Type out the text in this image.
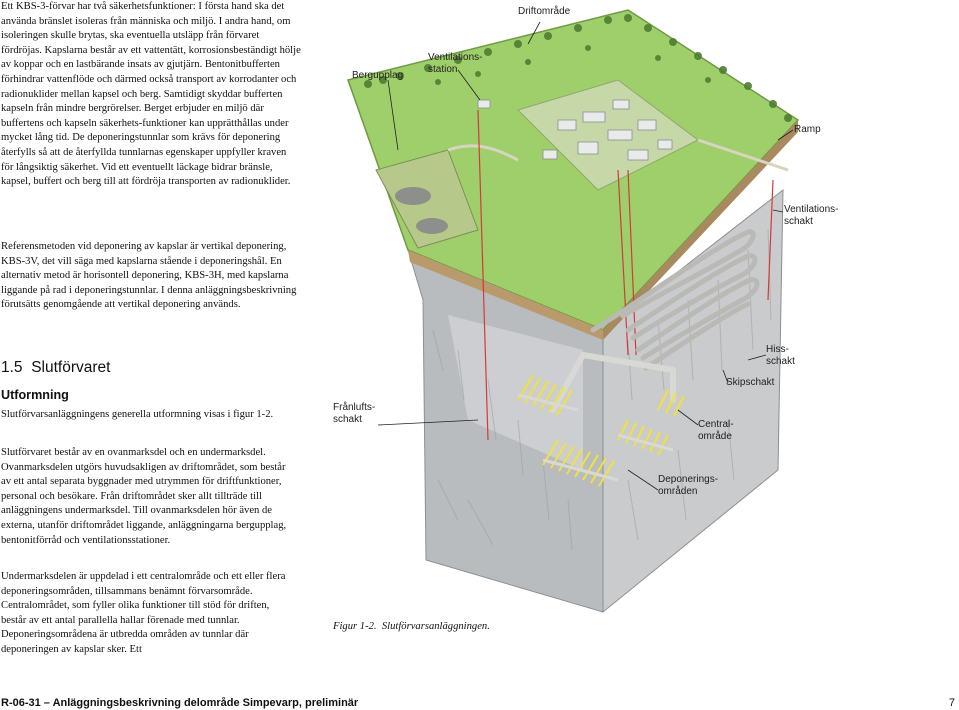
Ett KBS-3-förvar har två säkerhetsfunktioner: I första hand ska det använda bränslet isoleras från människa och miljö. I andra hand, om isoleringen skulle brytas, ska eventuella utsläpp från förvaret fördröjas. Kapslarna består av ett vattentätt, korrosionsbeständigt hölje av koppar och en lastbärande insats av gjutjärn. Bentonitbufferten förhindrar vattenflöde och därmed också transport av korrodanter och radionuklider mellan kapsel och berg. Samtidigt skyddar bufferten kapseln från mindre bergrörelser. Berget erbjuder en miljö där buffertens och kapseln säkerhets-funktioner kan upprätthållas under mycket lång tid. De deponeringstunnlar som krävs för deponering återfylls så att de återfyllda tunnlarnas egenskaper uppfyller kraven för långsiktig säkerhet. Vid ett eventuellt läckage bidrar bränsle, kapsel, buffert och berg till att fördröja transporten av radionuklider.

Referensmetoden vid deponering av kapslar är vertikal deponering, KBS-3V, det vill säga med kapslarna stående i deponeringshål. En alternativ metod är horisontell deponering, KBS-3H, med kapslarna liggande på rad i deponeringstunnlar. I denna anläggningsbeskrivning förutsätts genomgående att vertikal deponering används.

1.5 Slutförvaret
Utformning

Slutförvarsanläggningens generella utformning visas i figur 1-2.

Slutförvaret består av en ovanmarksdel och en undermarksdel. Ovanmarksdelen utgörs huvudsakligen av driftområdet, som består av ett antal separata byggnader med utrymmen för driftfunktioner, personal och besökare. Från driftområdet sker allt tillträde till anläggningens undermarksdel. Till ovanmarksdelen hör även de externa, utanför driftområdet liggande, anläggningarna bergupplag, bentonitförråd och ventilationsstationer.

Undermarksdelen är uppdelad i ett centralområde och ett eller flera deponeringsområden, tillsammans benämnt förvarsområde. Centralområdet, som fyller olika funktioner till stöd för driften, består av ett antal parallella hallar förenade med tunnlar. Deponeringsområdena är utbredda områden av tunnlar där deponeringen av kapslar sker. Ett

Driftområde
Bergupplag
Ventilations-
station
Ramp
Ventilations-
schakt
Hiss-
schakt
Skipschakt
Frånlufts-
schakt	Central-
område
Deponerings-
områden
Figur 1-2. Slutförvarsanläggningen.
R-06-31 – Anläggningsbeskrivning delområde Simpevarp, preliminär	7
